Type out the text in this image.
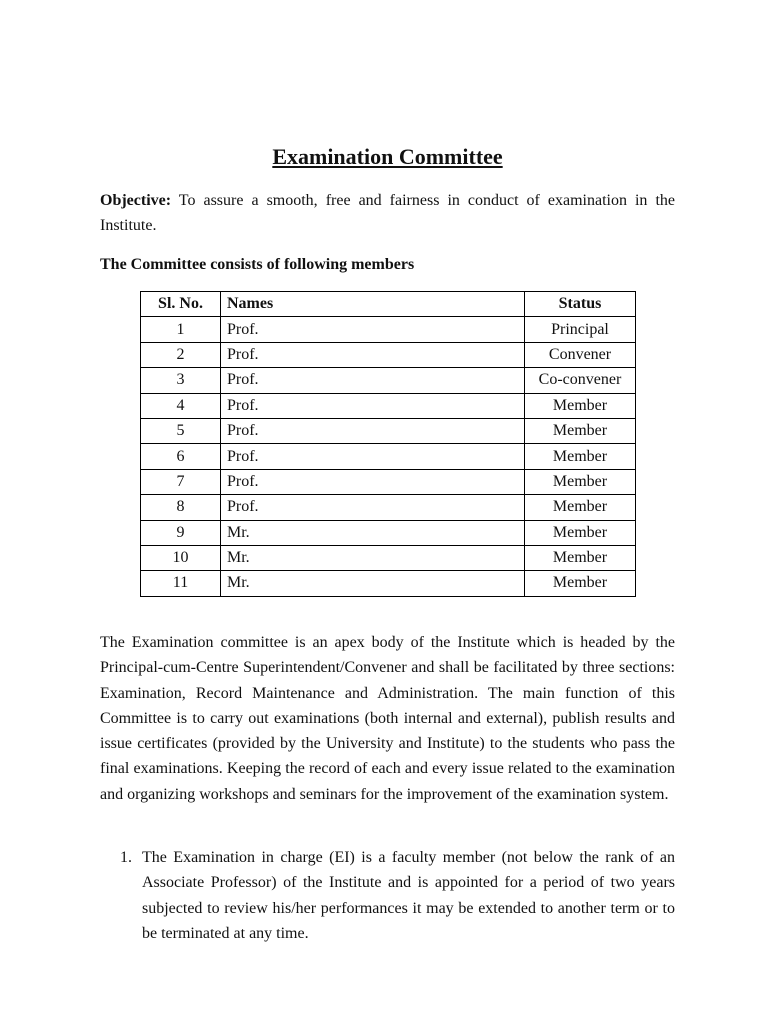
Examination Committee

Objective: To assure a smooth, free and fairness in conduct of examination in the Institute.

The Committee consists of following members

Sl. No.	Names	Status
1	Prof.	Principal
2	Prof.	Convener
3	Prof.	Co-convener
4	Prof.	Member
5	Prof.	Member
6	Prof.	Member
7	Prof.	Member
8	Prof.	Member
9	Mr.	Member
10	Mr.	Member
11	Mr.	Member

The Examination committee is an apex body of the Institute which is headed by the Principal-cum-Centre Superintendent/Convener and shall be facilitated by three sections: Examination, Record Maintenance and Administration. The main function of this Committee is to carry out examinations (both internal and external), publish results and issue certificates (provided by the University and Institute) to the students who pass the final examinations. Keeping the record of each and every issue related to the examination and organizing workshops and seminars for the improvement of the examination system.

1. The Examination in charge (EI) is a faculty member (not below the rank of an Associate Professor) of the Institute and is appointed for a period of two years subjected to review his/her performances it may be extended to another term or to be terminated at any time.
